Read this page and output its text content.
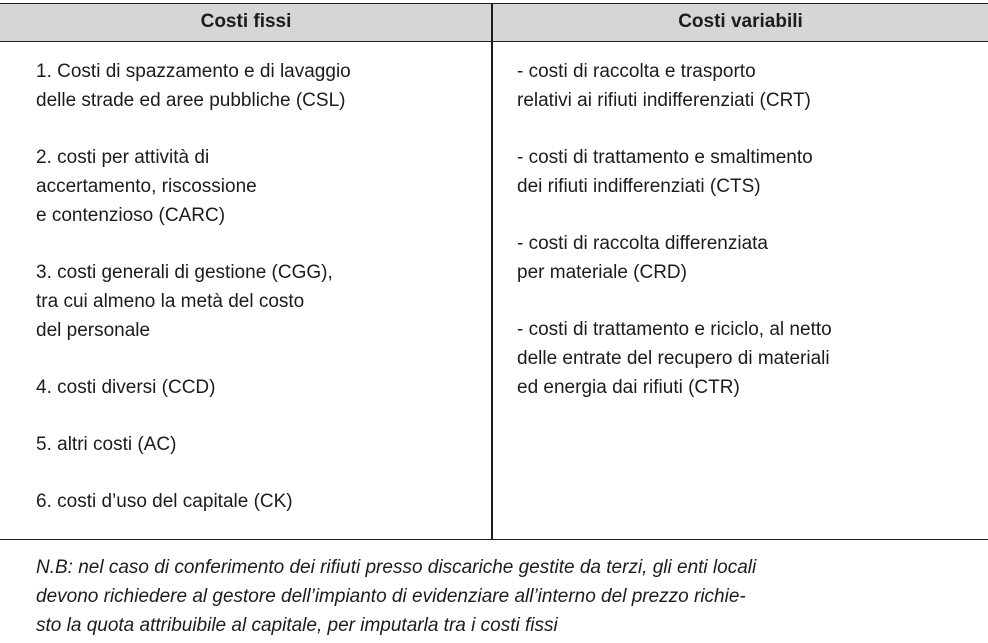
Costi fissi	Costi variabili
1. Costi di spazzamento e di lavaggio
delle strade ed aree pubbliche (CSL)
2. costi per attività di
accertamento, riscossione
e contenzioso (CARC)
3. costi generali di gestione (CGG),
tra cui almeno la metà del costo
del personale
4. costi diversi (CCD)
5. altri costi (AC)
6. costi d’uso del capitale (CK)
- costi di raccolta e trasporto
relativi ai rifiuti indifferenziati (CRT)
- costi di trattamento e smaltimento
dei rifiuti indifferenziati (CTS)
- costi di raccolta differenziata
per materiale (CRD)
- costi di trattamento e riciclo, al netto
delle entrate del recupero di materiali
ed energia dai rifiuti (CTR)
N.B: nel caso di conferimento dei rifiuti presso discariche gestite da terzi, gli enti locali
devono richiedere al gestore dell’impianto di evidenziare all’interno del prezzo richie-
sto la quota attribuibile al capitale, per imputarla tra i costi fissi
